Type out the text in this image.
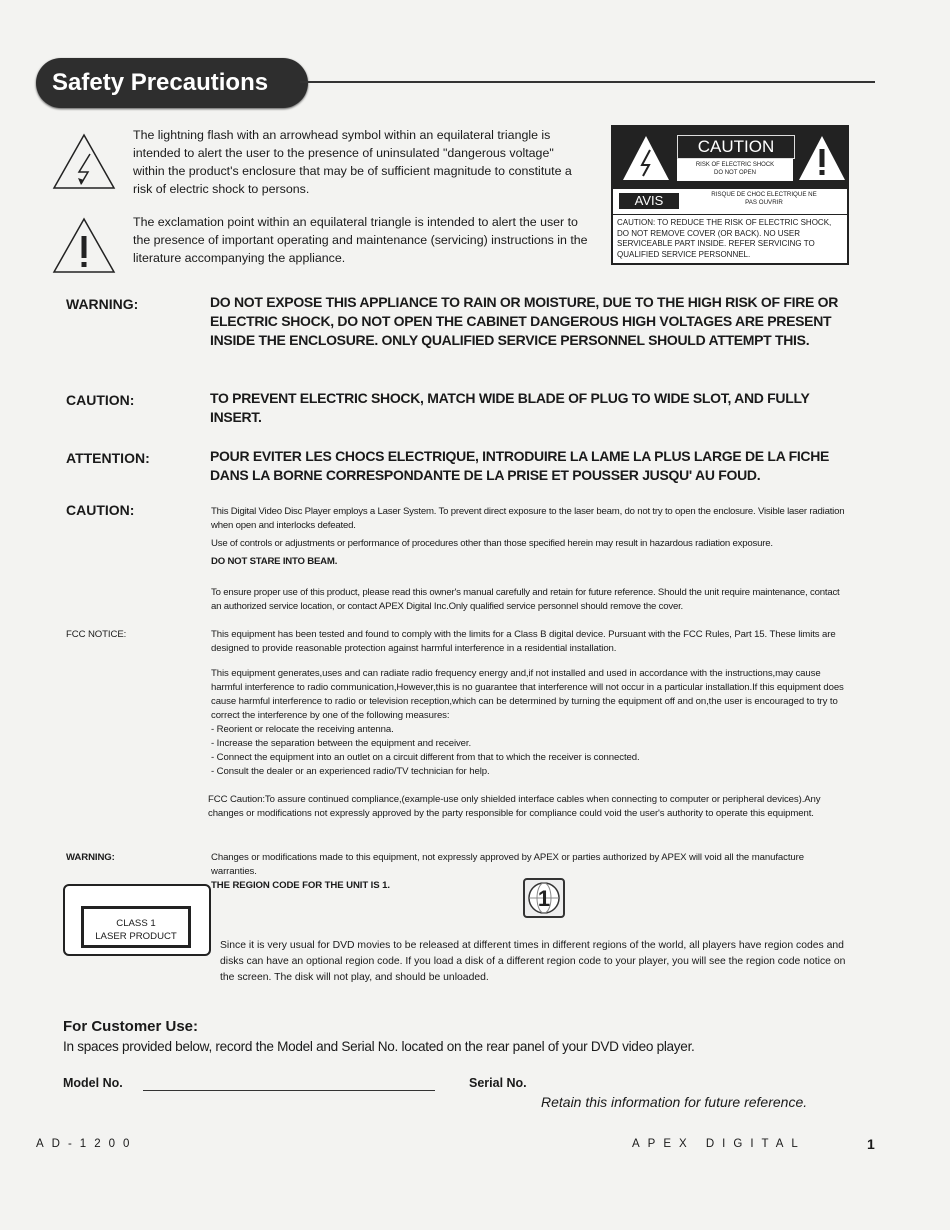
Safety Precautions
The lightning flash with an arrowhead symbol within an equilateral triangle is intended to alert the user to the presence of uninsulated "dangerous voltage" within the product's enclosure that may be of sufficient magnitude to constitute a risk of electric shock to persons.
The exclamation point within an equilateral triangle is intended to alert the user to the presence of important operating and maintenance (servicing) instructions in the literature accompanying the appliance.
CAUTION
RISK OF ELECTRIC SHOCK
DO NOT OPEN
AVIS	RISQUE DE CHOC ELECTRIQUE NE
PAS OUVRIR
CAUTION: TO REDUCE THE RISK OF ELECTRIC SHOCK, DO NOT REMOVE COVER (OR BACK). NO USER SERVICEABLE PART INSIDE. REFER SERVICING TO QUALIFIED SERVICE PERSONNEL.
WARNING:	DO NOT EXPOSE THIS APPLIANCE TO RAIN OR MOISTURE, DUE TO THE HIGH RISK OF FIRE OR ELECTRIC SHOCK, DO NOT OPEN THE CABINET DANGEROUS HIGH VOLTAGES ARE PRESENT INSIDE THE ENCLOSURE. ONLY QUALIFIED SERVICE PERSONNEL SHOULD ATTEMPT THIS.
CAUTION:	TO PREVENT ELECTRIC SHOCK, MATCH WIDE BLADE OF PLUG TO WIDE SLOT, AND FULLY INSERT.
ATTENTION:	POUR EVITER LES CHOCS ELECTRIQUE, INTRODUIRE LA LAME LA PLUS LARGE DE LA FICHE DANS LA BORNE CORRESPONDANTE DE LA PRISE ET POUSSER JUSQU' AU FOUD.
CAUTION:	This Digital Video Disc Player employs a Laser System. To prevent direct exposure to the laser beam, do not try to open the enclosure. Visible laser radiation when open and interlocks defeated.
Use of controls or adjustments or performance of procedures other than those specified herein may result in hazardous radiation exposure.
DO NOT STARE INTO BEAM.
To ensure proper use of this product, please read this owner's manual carefully and retain for future reference. Should the unit require maintenance, contact an authorized service location, or contact APEX Digital Inc.Only qualified service personnel should remove the cover.
FCC NOTICE:	This equipment has been tested and found to comply with the limits for a Class B digital device. Pursuant with the FCC Rules, Part 15. These limits are designed to provide reasonable protection against harmful interference in a residential installation.
This equipment generates,uses and can radiate radio frequency energy and,if not installed and used in accordance with the instructions,may cause harmful interference to radio communication,However,this is no guarantee that interference will not occur in a particular installation.If this equipment does cause harmful interference to radio or television reception,which can be determined by turning the equipment off and on,the user is encouraged to try to correct the interference by one of the following measures:
- Reorient or relocate the receiving antenna.
- Increase the separation between the equipment and receiver.
- Connect the equipment into an outlet on a circuit different from that to which the receiver is connected.
- Consult the dealer or an experienced radio/TV technician for help.
FCC Caution:To assure continued compliance,(example-use only shielded interface cables when connecting to computer or peripheral devices).Any changes or modifications not expressly approved by the party responsible for compliance could void the user's authority to operate this equipment.
WARNING:	Changes or modifications made to this equipment, not expressly approved by APEX or parties authorized by APEX will void all the manufacture warranties.
THE REGION CODE FOR THE UNIT IS 1.
1
CLASS 1
LASER PRODUCT
Since it is very usual for DVD movies to be released at different times in different regions of the world, all players have region codes and disks can have an optional region code. If you load a disk of a different region code to your player, you will see the region code notice on the screen. The disk will not play, and should be unloaded.
For Customer Use:
In spaces provided below, record the Model and Serial No. located on the rear panel of your DVD video player.
Model No.	Serial No.
Retain this information for future reference.
AD-1200	APEX DIGITAL	1
